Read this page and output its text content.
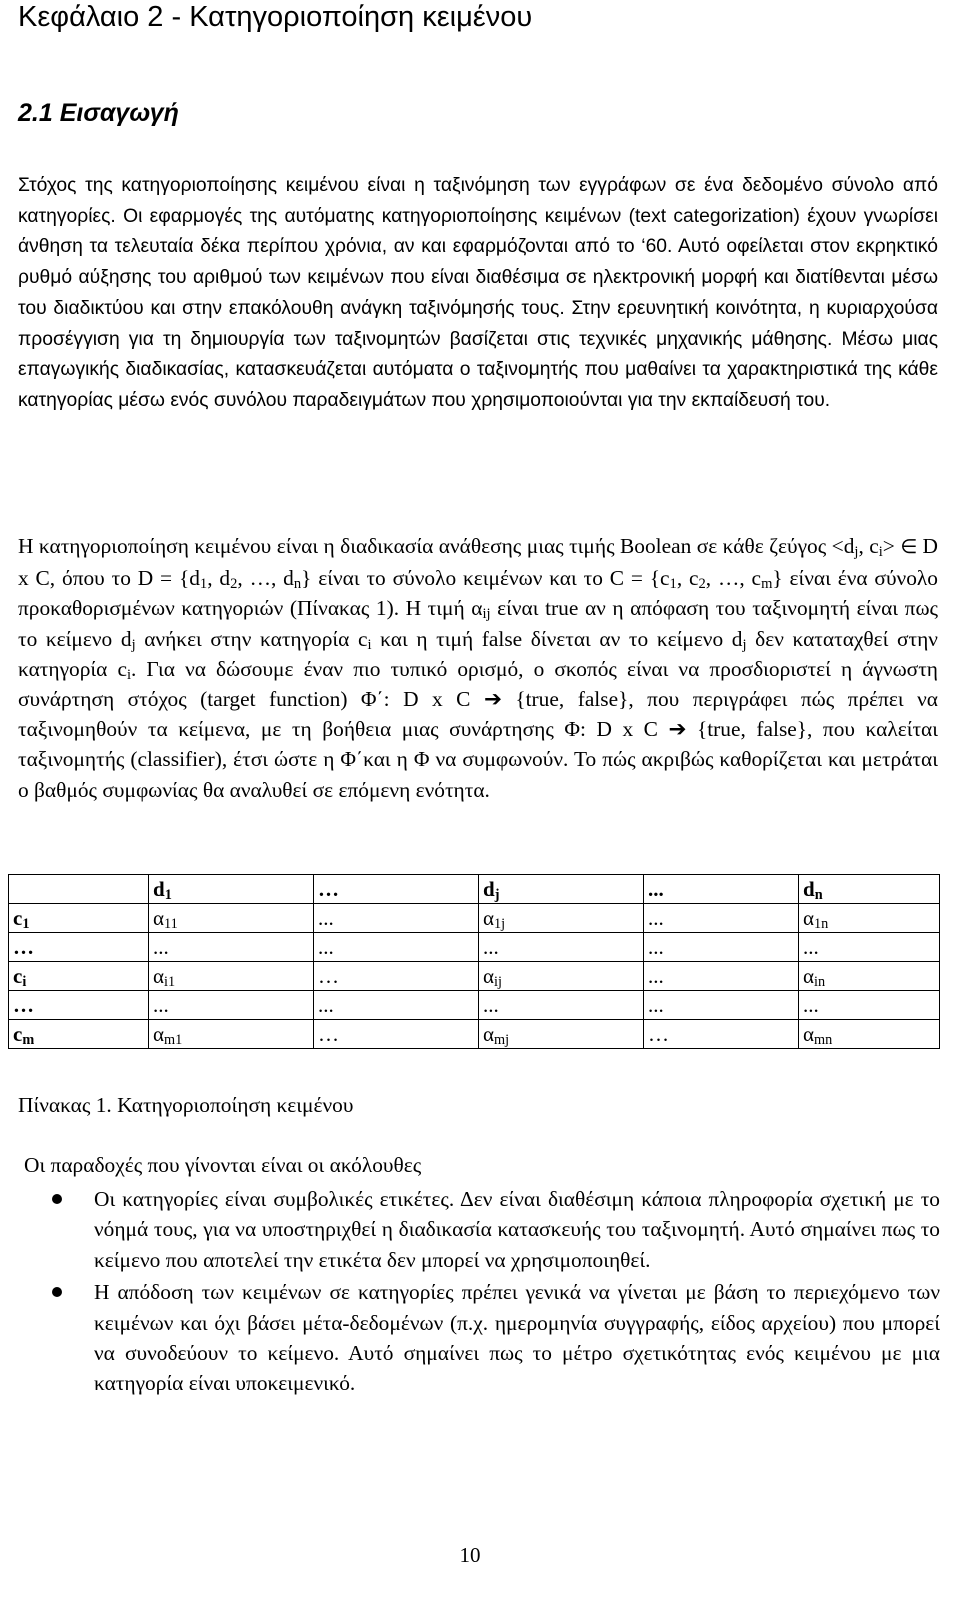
Κεφάλαιο 2 - Κατηγοριοποίηση κειμένου
2.1 Εισαγωγή

Στόχος της κατηγοριοποίησης κειμένου είναι η ταξινόμηση των εγγράφων σε ένα δεδομένο σύνολο από κατηγορίες. Οι εφαρμογές της αυτόματης κατηγοριοποίησης κειμένων (text categorization) έχουν γνωρίσει άνθηση τα τελευταία δέκα περίπου χρόνια, αν και εφαρμόζονται από το ‘60. Αυτό οφείλεται στον εκρηκτικό ρυθμό αύξησης του αριθμού των κειμένων που είναι διαθέσιμα σε ηλεκτρονική μορφή και διατίθενται μέσω του διαδικτύου και στην επακόλουθη ανάγκη ταξινόμησής τους. Στην ερευνητική κοινότητα, η κυριαρχούσα προσέγγιση για τη δημιουργία των ταξινομητών βασίζεται στις τεχνικές μηχανικής μάθησης. Μέσω μιας επαγωγικής διαδικασίας, κατασκευάζεται αυτόματα ο ταξινομητής που μαθαίνει τα χαρακτηριστικά της κάθε κατηγορίας μέσω ενός συνόλου παραδειγμάτων που χρησιμοποιούνται για την εκπαίδευσή του.

Η κατηγοριοποίηση κειμένου είναι η διαδικασία ανάθεσης μιας τιμής Boolean σε κάθε $\zeta\varepsilon ύ\gamma o\varsigma <d_j$, $c_i>$ ∈ D x C, όπου το $D = \{d_1$, $d_2$, …, $d_n$} είναι το σύνολο κειμένων και το $C = \{c_1$, $c_2$, …, $c_m$} είναι ένα σύνολο προκαθορισμένων κατηγοριών (Πίνακας 1). Η τιμή $\alpha_{ij}$ είναι true αν η απόφαση του ταξινομητή είναι πως το κείμενο $d_j$ ανήκει στην κατηγορία $c_i$ και η τιμή false δίνεται αν το κείμενο $d_j$ δεν καταταχθεί στην κατηγορία $c_i$. Για να δώσουμε έναν πιο τυπικό ορισμό, ο σκοπός είναι να προσδιοριστεί η άγνωστη συνάρτηση στόχος (target function) Φ΄: D x C ➔ {true, false}, που περιγράφει πώς πρέπει να ταξινομηθούν τα κείμενα, με τη βοήθεια μιας συνάρτησης Φ: D x C ➔ {true, false}, που καλείται ταξινομητής (classifier), έτσι ώστε η Φ΄και η Φ να συμφωνούν. Το πώς ακριβώς καθορίζεται και μετράται ο βαθμός συμφωνίας θα αναλυθεί σε επόμενη ενότητα.

	$d_1$	…	$d_j$	...	$d_n$
$c_1$	$\alpha_{11}$	...	$\alpha_{1j}$	...	$\alpha_{1n}$
…	...	...	...	...	...
$c_i$	$\alpha_{i1}$	…	$\alpha_{ij}$	...	$\alpha_{in}$
…	...	...	...	...	...
$c_m$	$\alpha_{m1}$	…	$\alpha_{mj}$	…	$\alpha_{mn}$

Πίνακας 1. Κατηγοριοποίηση κειμένου

Οι παραδοχές που γίνονται είναι οι ακόλουθες

Οι κατηγορίες είναι συμβολικές ετικέτες. Δεν είναι διαθέσιμη κάποια πληροφορία σχετική με το νόημά τους, για να υποστηριχθεί η διαδικασία κατασκευής του ταξινομητή. Αυτό σημαίνει πως το κείμενο που αποτελεί την ετικέτα δεν μπορεί να χρησιμοποιηθεί.
Η απόδοση των κειμένων σε κατηγορίες πρέπει γενικά να γίνεται με βάση το περιεχόμενο των κειμένων και όχι βάσει μέτα-δεδομένων (π.χ. ημερομηνία συγγραφής, είδος αρχείου) που μπορεί να συνοδεύουν το κείμενο. Αυτό σημαίνει πως το μέτρο σχετικότητας ενός κειμένου με μια κατηγορία είναι υποκειμενικό.

10
